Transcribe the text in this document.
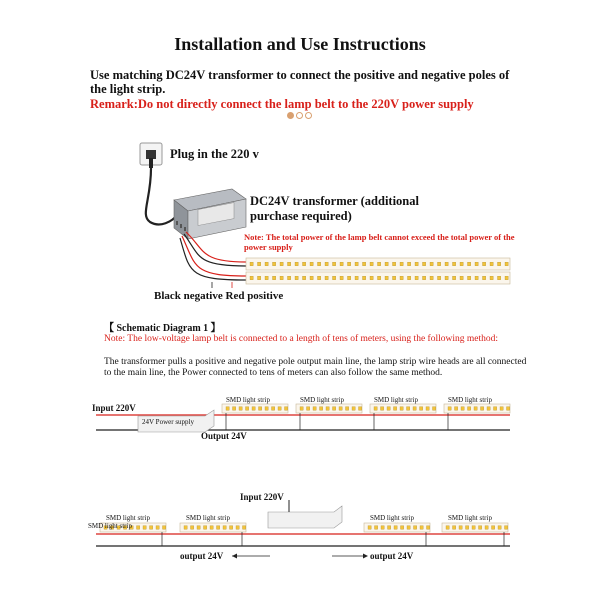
Installation and Use Instructions
Use matching DC24V transformer to connect the positive and negative poles of the light strip.
Remark:Do not directly connect the lamp belt to the 220V power supply
Plug in the 220 v
DC24V transformer (additional purchase required)
Note: The total power of the lamp belt cannot exceed the total power of the power supply
Black negative Red positive
【 Schematic Diagram 1 】
Note: The low-voltage lamp belt is connected to a length of tens of meters, using the following method:
The transformer pulls a positive and negative pole output main line, the lamp strip wire heads are all connected to the main line, the Power connected to tens of meters can also follow the same method.
Input 220V
24V Power supply
Output 24V
SMD light strip	SMD light strip	SMD light strip	SMD light strip
Input 220V
SMD light strip
SMD light strip
SMD light strip	SMD light strip	SMD light strip
output 24V	output 24V
